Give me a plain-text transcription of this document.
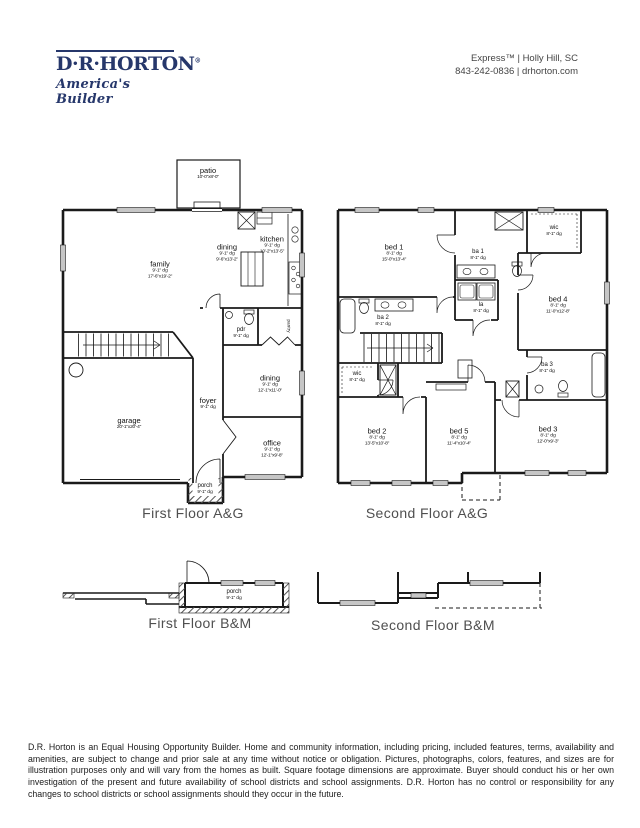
D·R·HORTON®
America's Builder
Express™ | Holly Hill, SC
843-242-0836 | drhorton.com
patio
10'-0"x8'-0"
family
9'-1" clg
17'-6"x19'-2"
dining
9'-1" clg
9'-6"x13'-2"
kitchen
9'-1" clg
10'-2"x13'-5"
pdr
9'-1" clg
pantry
garage
20'-1"x20'-4"
foyer
9'-1" clg
dining
9'-1" clg
12'-1"x11'-0"
office
9'-1" clg
12'-1"x9'-8"
porch
9'-1" clg
First Floor A&G
bed 1
8'-1" clg
15'-0"x13'-4"
ba 1
8'-1" clg
wic
8'-1" clg
ba 2
8'-1" clg
la
8'-1" clg
bed 4
8'-1" clg
11'-0"x12'-8"
wic
8'-1" clg
bed 2
8'-1" clg
13'-5"x10'-8"
bed 5
8'-1" clg
11'-4"x10'-4"
ba 3
8'-1" clg
bed 3
8'-1" clg
12'-0"x9'-3"
Second Floor A&G
porch
9'-1" clg
First Floor B&M	Second Floor B&M

D.R. Horton is an Equal Housing Opportunity Builder. Home and community information, including pricing, included features, terms, availability and amenities, are subject to change and prior sale at any time without notice or obligation. Pictures, photographs, colors, features, and sizes are for illustration purposes only and will vary from the homes as built. Square footage dimensions are approximate. Buyer should conduct his or her own investigation of the present and future availability of school districts and school assignments. D.R. Horton has no control or responsibility for any changes to school districts or school assignments should they occur in the future.
